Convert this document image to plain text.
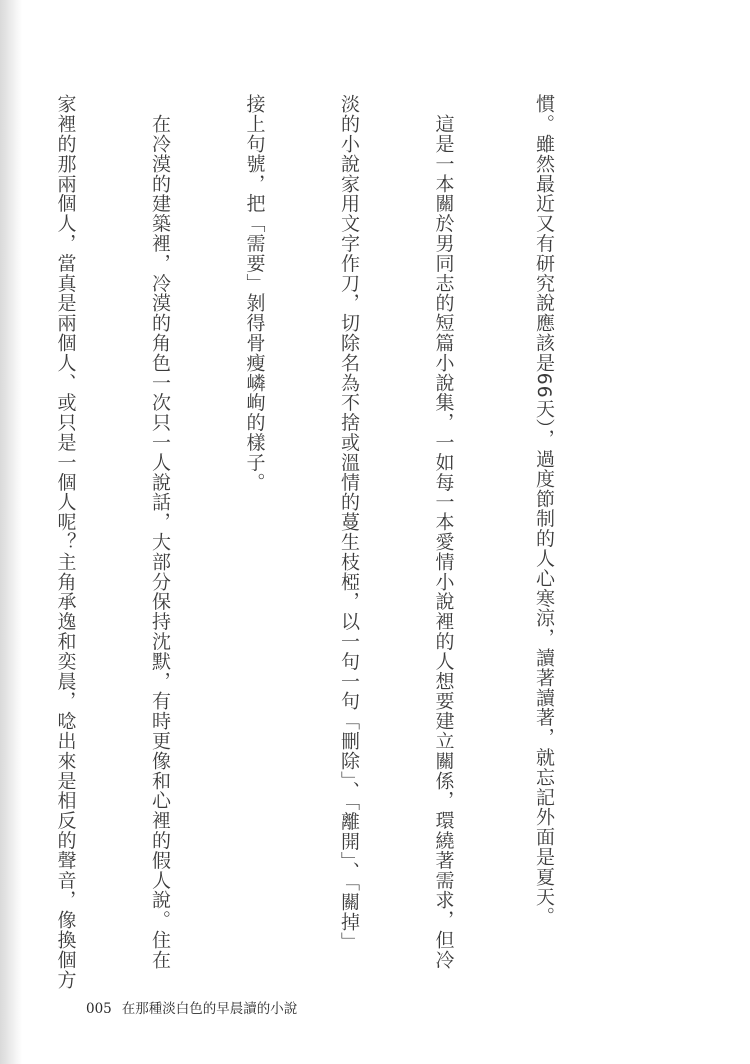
慣。雖然最近又有研究說應該是66天），過度節制的人心寒涼，讀著讀著，就忘記外面是夏天。

　這是一本關於男同志的短篇小說集，一如每一本愛情小說裡的人想要建立關係，環繞著需求，但冷

淡的小說家用文字作刀，切除名為不捨或溫情的蔓生枝椏，以一句一句「刪除」、「離開」、「關掉」

接上句號，把「需要」剝得骨瘦嶙峋的樣子。

　在冷漠的建築裡，冷漠的角色一次只一人說話，大部分保持沈默，有時更像和心裡的假人說。住在

家裡的那兩個人，當真是兩個人、或只是一個人呢？主角承逸和奕晨，唸出來是相反的聲音，像換個方

005 在那種淡白色的早晨讀的小說
